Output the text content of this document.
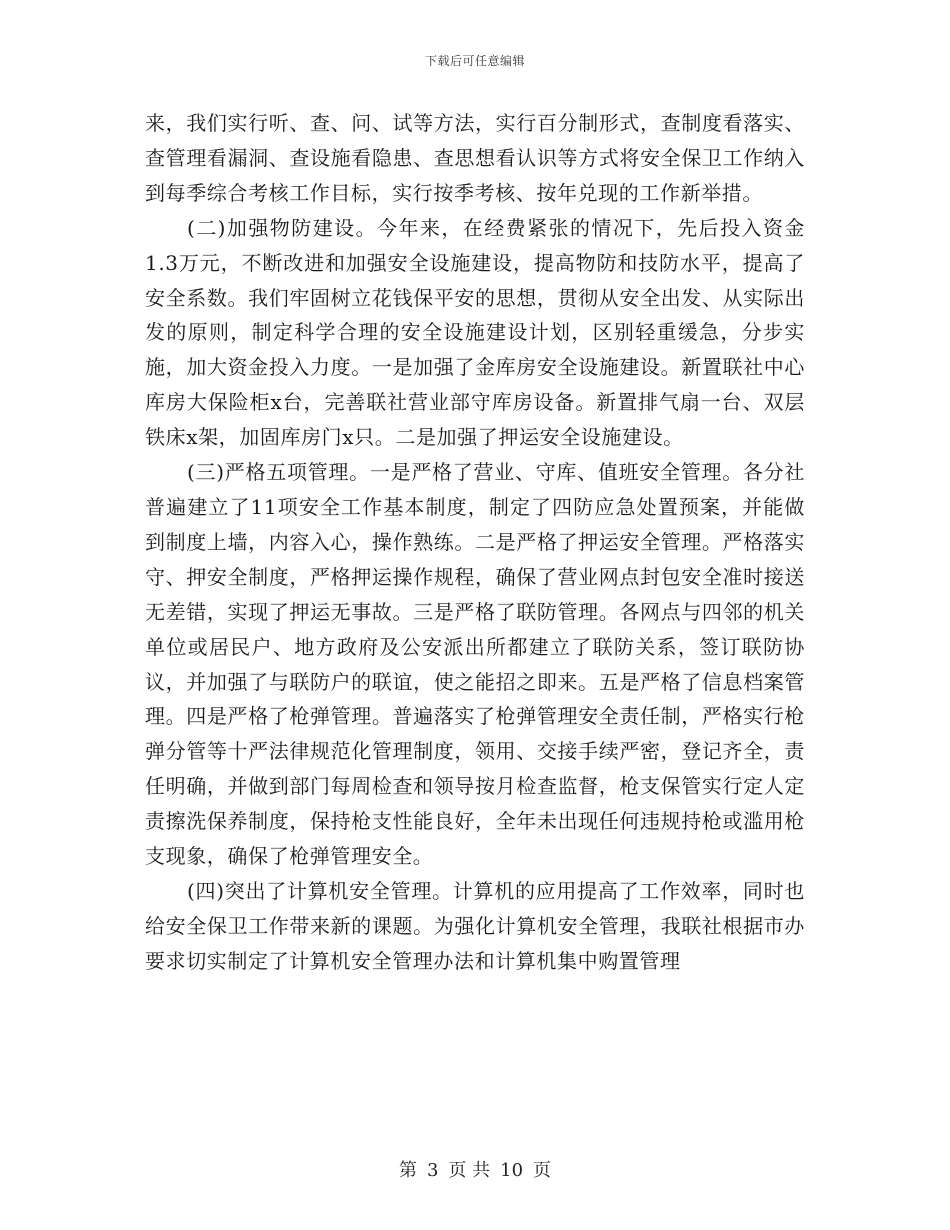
下载后可任意编辑

来，我们实行听、查、问、试等方法，实行百分制形式，查制度看落实、查管理看漏洞、查设施看隐患、查思想看认识等方式将安全保卫工作纳入到每季综合考核工作目标，实行按季考核、按年兑现的工作新举措。

(二)加强物防建设。今年来，在经费紧张的情况下，先后投入资金1.3万元，不断改进和加强安全设施建设，提高物防和技防水平，提高了安全系数。我们牢固树立花钱保平安的思想，贯彻从安全出发、从实际出发的原则，制定科学合理的安全设施建设计划，区别轻重缓急，分步实施，加大资金投入力度。一是加强了金库房安全设施建设。新置联社中心库房大保险柜x台，完善联社营业部守库房设备。新置排气扇一台、双层铁床x架，加固库房门x只。二是加强了押运安全设施建设。

(三)严格五项管理。一是严格了营业、守库、值班安全管理。各分社普遍建立了11项安全工作基本制度，制定了四防应急处置预案，并能做到制度上墙，内容入心，操作熟练。二是严格了押运安全管理。严格落实守、押安全制度，严格押运操作规程，确保了营业网点封包安全准时接送无差错，实现了押运无事故。三是严格了联防管理。各网点与四邻的机关单位或居民户、地方政府及公安派出所都建立了联防关系，签订联防协议，并加强了与联防户的联谊，使之能招之即来。五是严格了信息档案管理。四是严格了枪弹管理。普遍落实了枪弹管理安全责任制，严格实行枪弹分管等十严法律规范化管理制度，领用、交接手续严密，登记齐全，责任明确，并做到部门每周检查和领导按月检查监督，枪支保管实行定人定责擦洗保养制度，保持枪支性能良好，全年未出现任何违规持枪或滥用枪支现象，确保了枪弹管理安全。

(四)突出了计算机安全管理。计算机的应用提高了工作效率，同时也给安全保卫工作带来新的课题。为强化计算机安全管理，我联社根据市办要求切实制定了计算机安全管理办法和计算机集中购置管理

第 3 页 共 10 页
